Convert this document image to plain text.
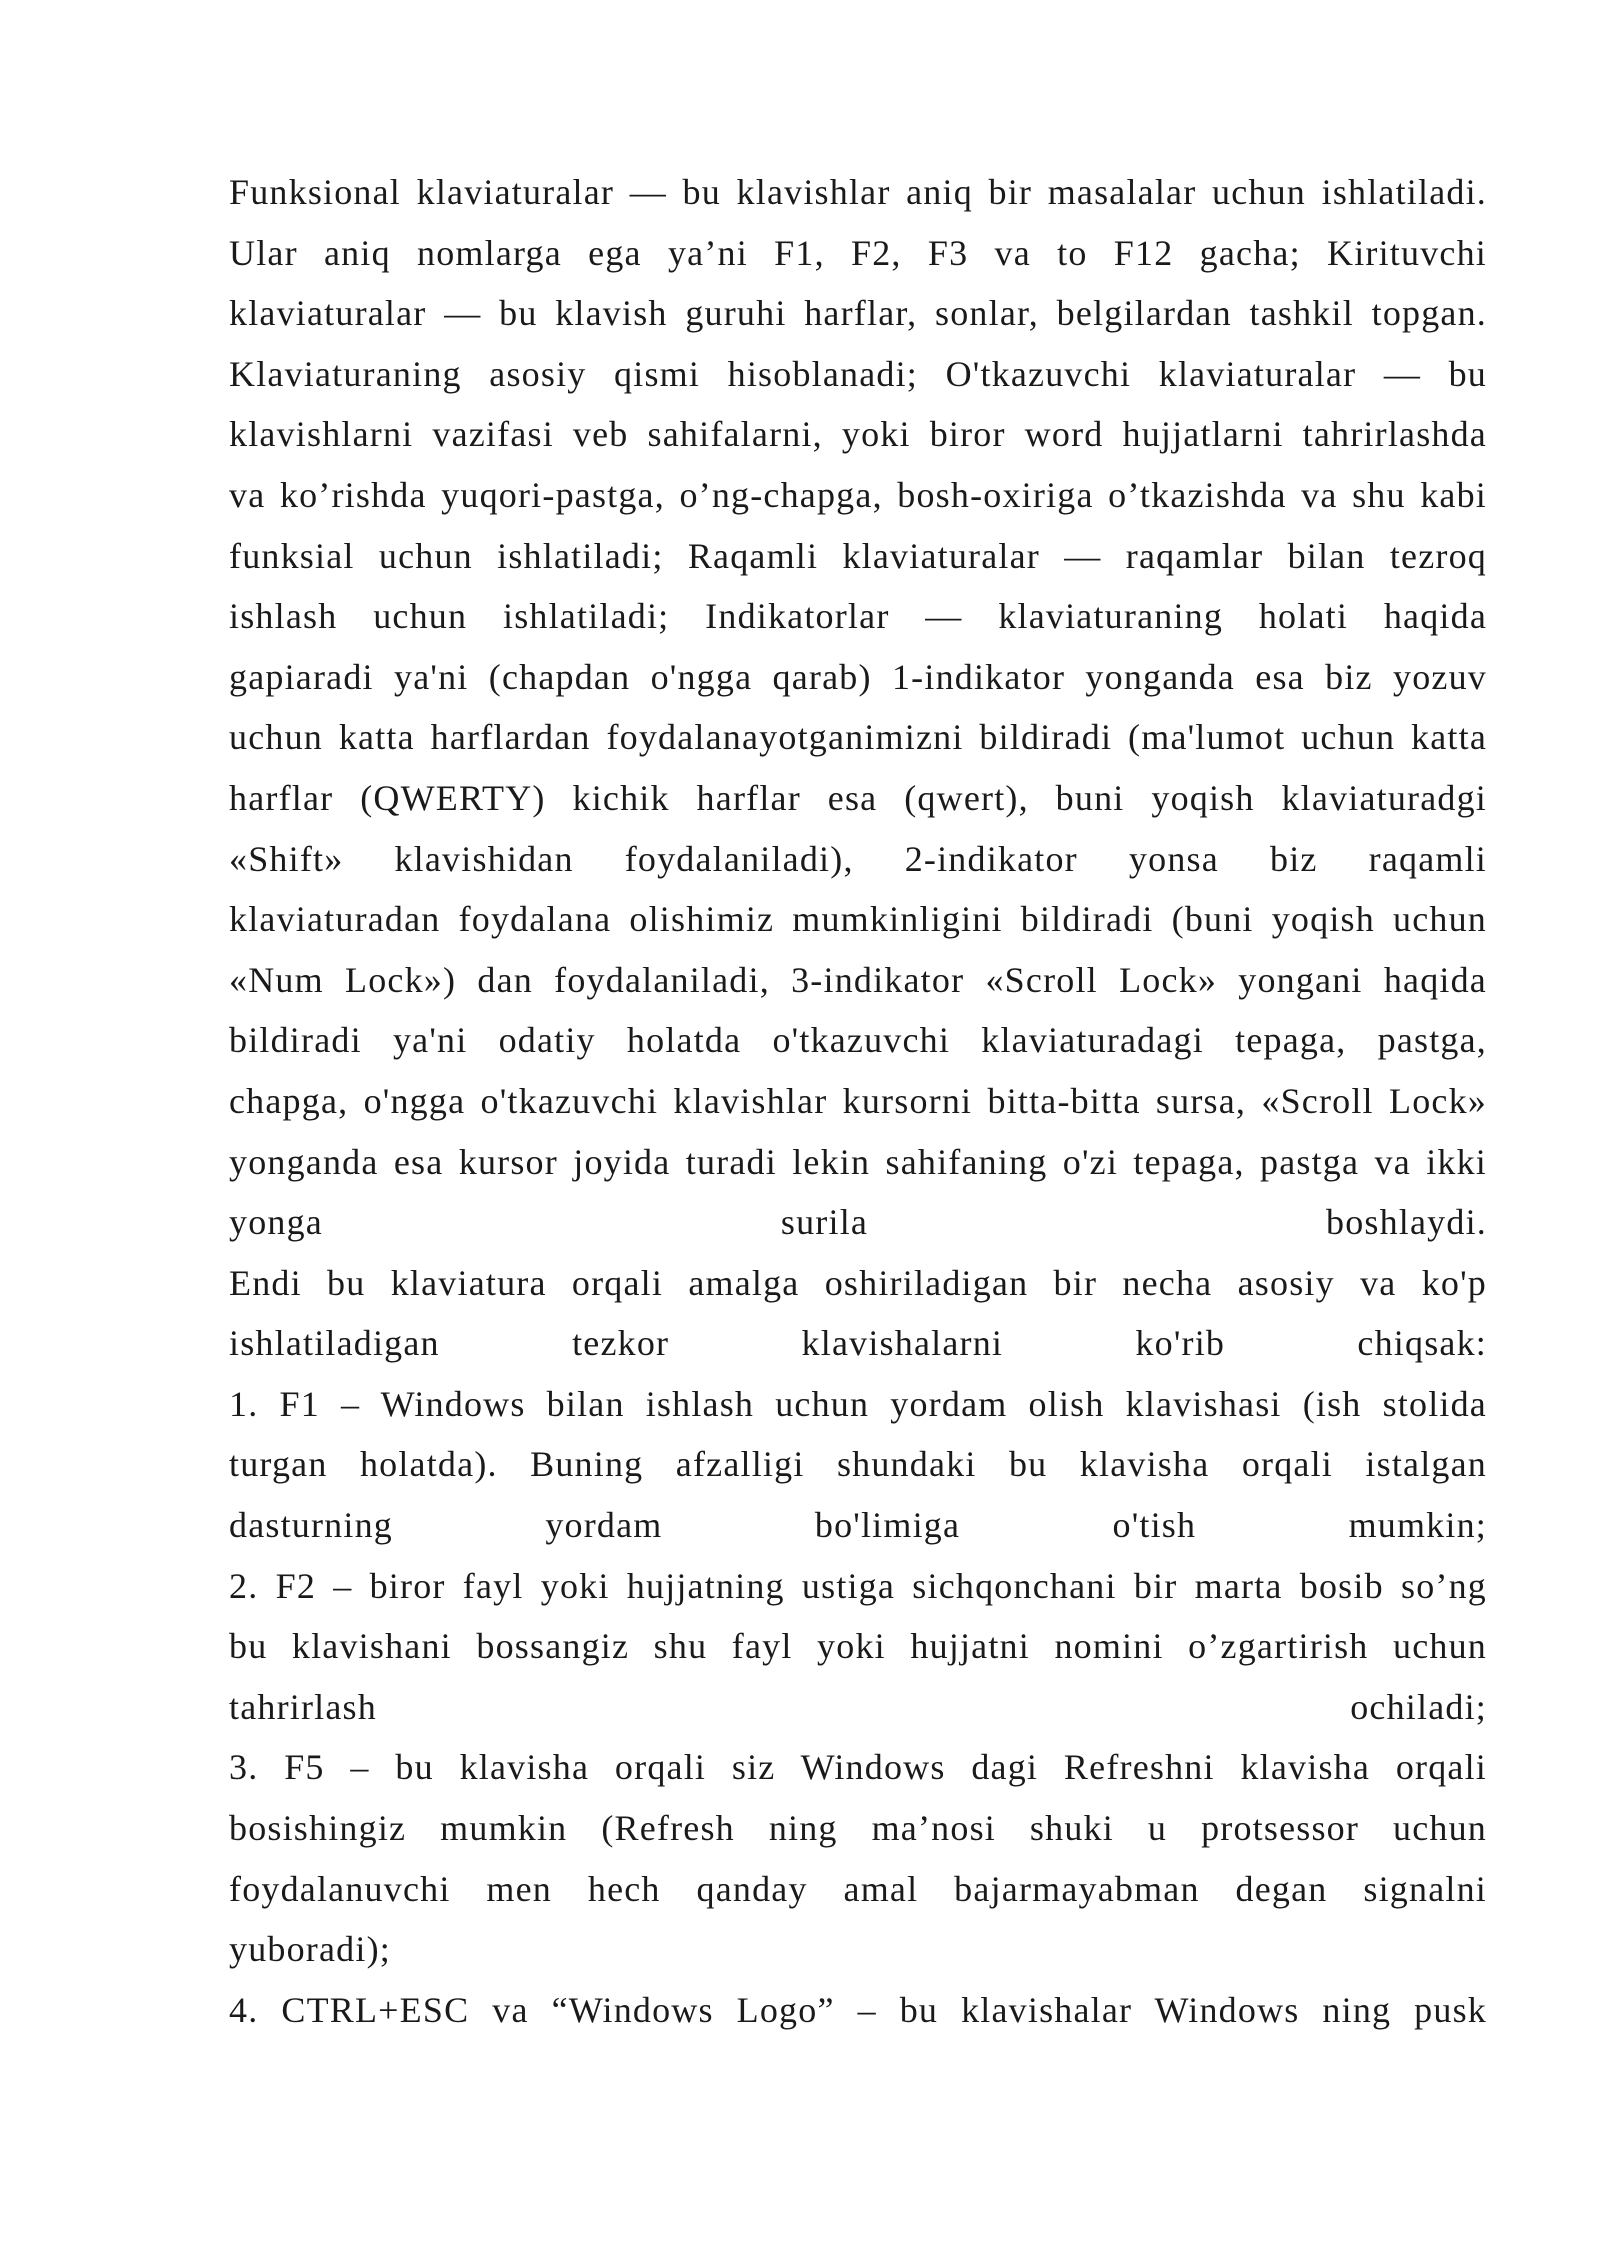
Funksional klaviaturalar — bu klavishlar aniq bir masalalar uchun ishlatiladi. Ular aniq nomlarga ega ya’ni F1, F2, F3 va to F12 gacha; Kirituvchi klaviaturalar — bu klavish guruhi harflar, sonlar, belgilardan tashkil topgan. Klaviaturaning asosiy qismi hisoblanadi; O'tkazuvchi klaviaturalar — bu klavishlarni vazifasi veb sahifalarni, yoki biror word hujjatlarni tahrirlashda va ko’rishda yuqori-pastga, o’ng-chapga, bosh-oxiriga o’tkazishda va shu kabi funksial uchun ishlatiladi; Raqamli klaviaturalar — raqamlar bilan tezroq ishlash uchun ishlatiladi; Indikatorlar — klaviaturaning holati haqida gapiaradi ya'ni (chapdan o'ngga qarab) 1-indikator yonganda esa biz yozuv uchun katta harflardan foydalanayotganimizni bildiradi (ma'lumot uchun katta harflar (QWERTY) kichik harflar esa (qwert), buni yoqish klaviaturadgi «Shift» klavishidan foydalaniladi), 2-indikator yonsa biz raqamli klaviaturadan foydalana olishimiz mumkinligini bildiradi (buni yoqish uchun «Num Lock») dan foydalaniladi, 3-indikator «Scroll Lock» yongani haqida bildiradi ya'ni odatiy holatda o'tkazuvchi klaviaturadagi tepaga, pastga, chapga, o'ngga o'tkazuvchi klavishlar kursorni bitta-bitta sursa, «Scroll Lock» yonganda esa kursor joyida turadi lekin sahifaning o'zi tepaga, pastga va ikki yonga surila boshlaydi.

Endi bu klaviatura orqali amalga oshiriladigan bir necha asosiy va ko'p ishlatiladigan tezkor klavishalarni ko'rib chiqsak:

1. F1 – Windows bilan ishlash uchun yordam olish klavishasi (ish stolida turgan holatda). Buning afzalligi shundaki bu klavisha orqali istalgan dasturning yordam bo'limiga o'tish mumkin;

2. F2 – biror fayl yoki hujjatning ustiga sichqonchani bir marta bosib so’ng bu klavishani bossangiz shu fayl yoki hujjatni nomini o’zgartirish uchun tahrirlash ochiladi;

3. F5 – bu klavisha orqali siz Windows dagi Refreshni klavisha orqali bosishingiz mumkin (Refresh ning ma’nosi shuki u protsessor uchun foydalanuvchi men hech qanday amal bajarmayabman degan signalni yuboradi);

4. CTRL+ESC va “Windows Logo” – bu klavishalar Windows ning pusk
